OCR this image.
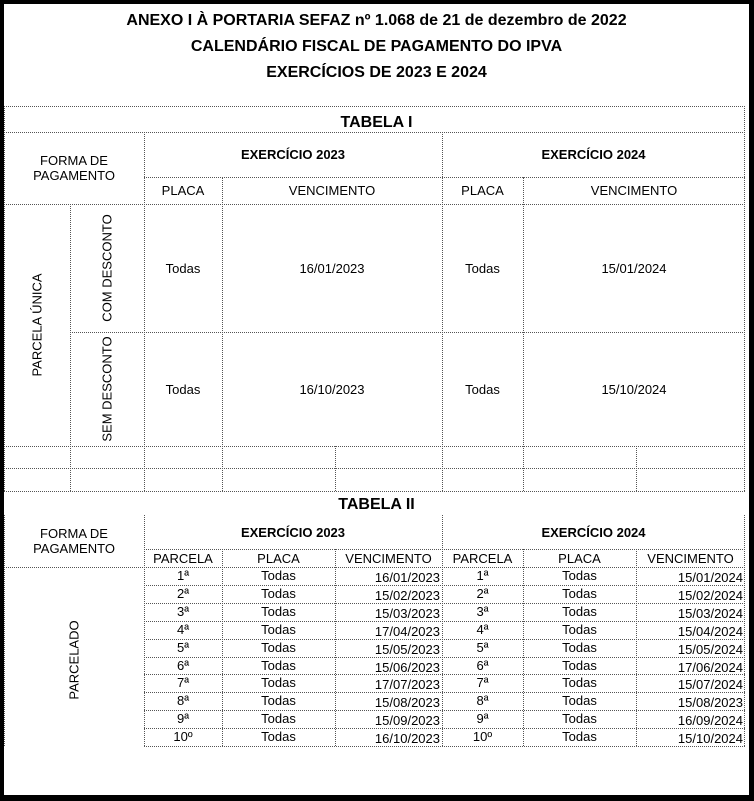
ANEXO I À PORTARIA SEFAZ nº 1.068 de 21 de dezembro de 2022
CALENDÁRIO FISCAL DE PAGAMENTO DO IPVA
EXERCÍCIOS DE 2023 E 2024
TABELA I
FORMA DE PAGAMENTO
EXERCÍCIO 2023	EXERCÍCIO 2024
PLACA	VENCIMENTO	PLACA	VENCIMENTO
PARCELA ÚNICA
COM DESCONTO
SEM DESCONTO
Todas	16/01/2023	Todas	15/01/2024
Todas	16/10/2023	Todas	15/10/2024
TABELA II
FORMA DE PAGAMENTO
EXERCÍCIO 2023	EXERCÍCIO 2024
PARCELA	PLACA	VENCIMENTO	PARCELA	PLACA	VENCIMENTO
PARCELADO
1ª	Todas	16/01/2023	1ª	Todas	15/01/2024
2ª	Todas	15/02/2023	2ª	Todas	15/02/2024
3ª	Todas	15/03/2023	3ª	Todas	15/03/2024
4ª	Todas	17/04/2023	4ª	Todas	15/04/2024
5ª	Todas	15/05/2023	5ª	Todas	15/05/2024
6ª	Todas	15/06/2023	6ª	Todas	17/06/2024
7ª	Todas	17/07/2023	7ª	Todas	15/07/2024
8ª	Todas	15/08/2023	8ª	Todas	15/08/2023
9ª	Todas	15/09/2023	9ª	Todas	16/09/2024
10º	Todas	16/10/2023	10º	Todas	15/10/2024
